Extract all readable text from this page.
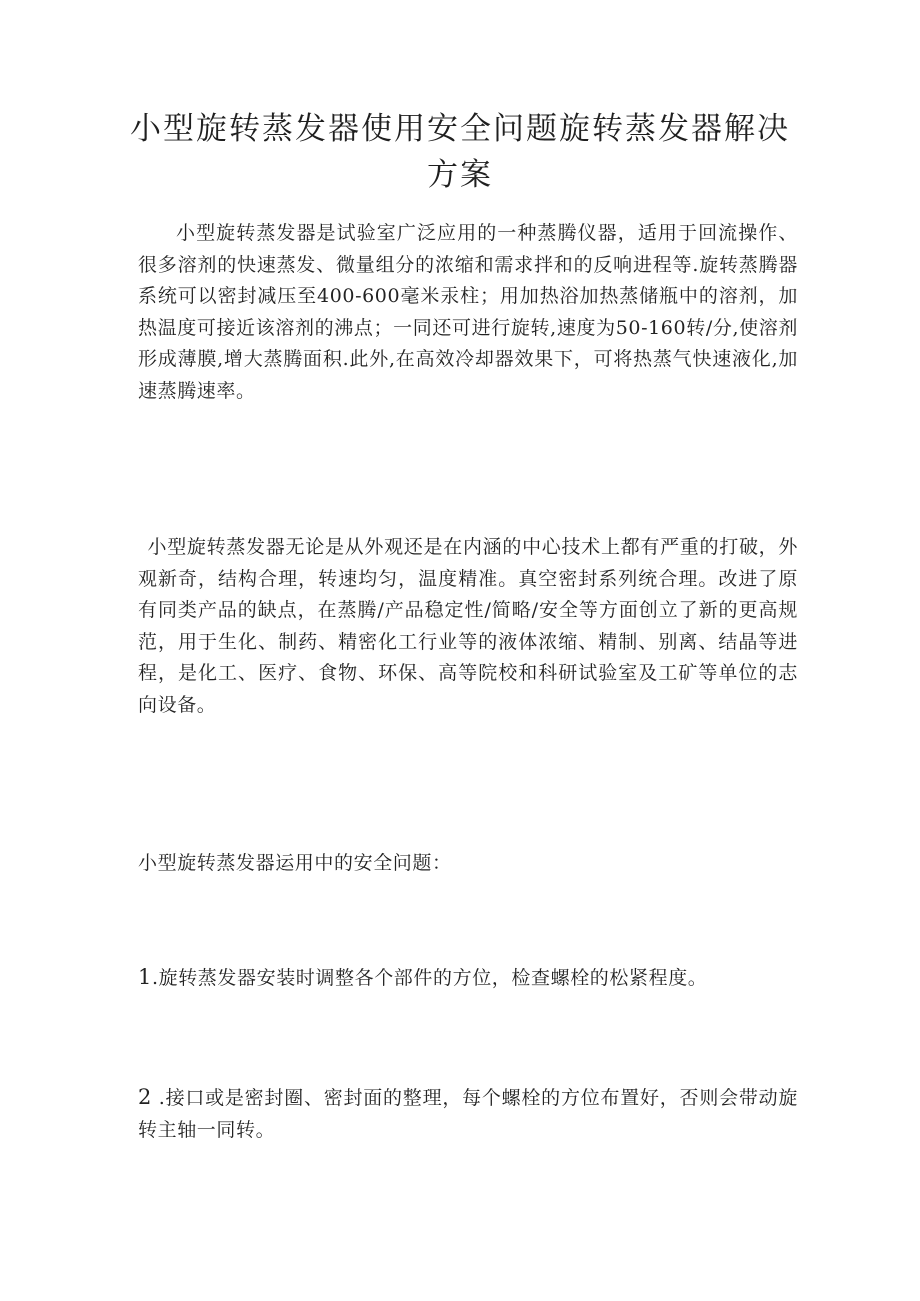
小型旋转蒸发器使用安全问题旋转蒸发器解决方案

小型旋转蒸发器是试验室广泛应用的一种蒸腾仪器，适用于回流操作、很多溶剂的快速蒸发、微量组分的浓缩和需求拌和的反响进程等.旋转蒸腾器系统可以密封减压至400-600毫米汞柱；用加热浴加热蒸储瓶中的溶剂，加热温度可接近该溶剂的沸点；一同还可进行旋转,速度为50-160转/分,使溶剂形成薄膜,增大蒸腾面积.此外,在高效冷却器效果下，可将热蒸气快速液化,加速蒸腾速率。

小型旋转蒸发器无论是从外观还是在内涵的中心技术上都有严重的打破，外观新奇，结构合理，转速均匀，温度精准。真空密封系列统合理。改进了原有同类产品的缺点，在蒸腾/产品稳定性/简略/安全等方面创立了新的更高规范，用于生化、制药、精密化工行业等的液体浓缩、精制、别离、结晶等进程，是化工、医疗、食物、环保、高等院校和科研试验室及工矿等单位的志向设备。

小型旋转蒸发器运用中的安全问题：

1.旋转蒸发器安装时调整各个部件的方位，检查螺栓的松紧程度。

2 .接口或是密封圈、密封面的整理，每个螺栓的方位布置好，否则会带动旋转主轴一同转。
